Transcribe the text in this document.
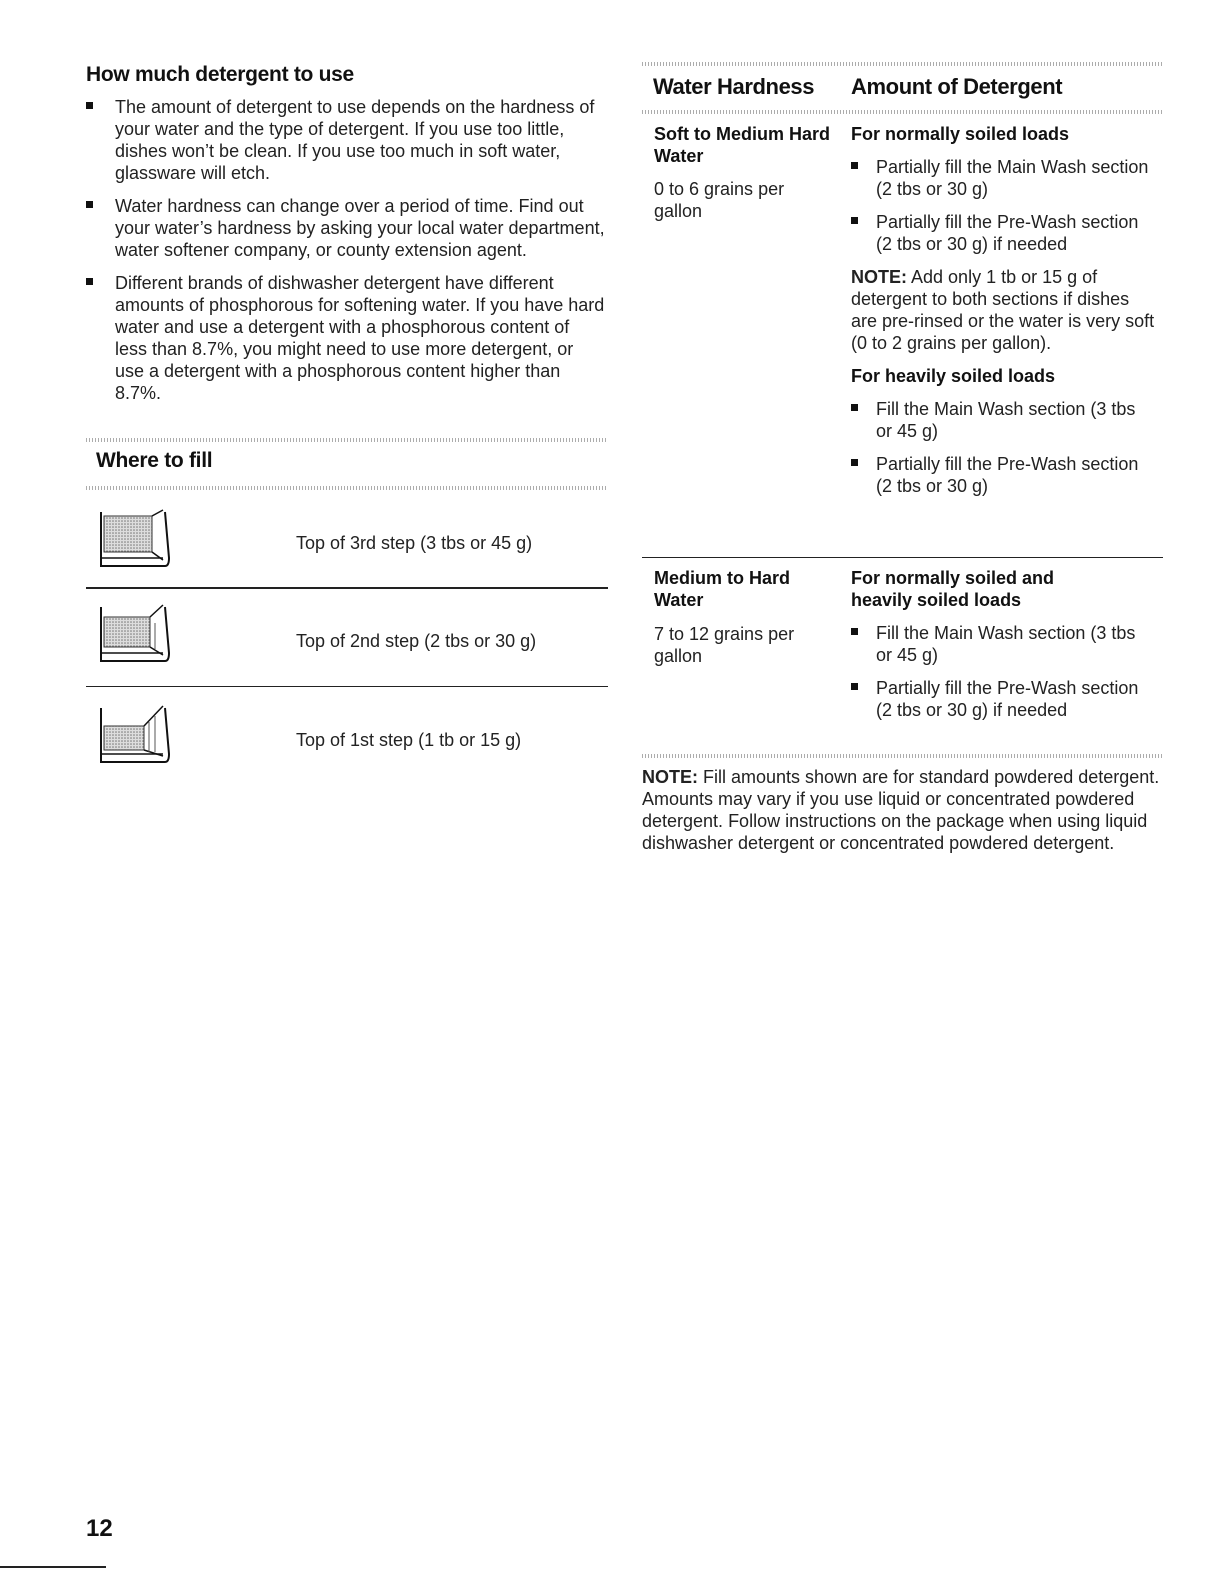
How much detergent to use
The amount of detergent to use depends on the hardness of your water and the type of detergent. If you use too little, dishes won’t be clean. If you use too much in soft water, glassware will etch.
Water hardness can change over a period of time. Find out your water’s hardness by asking your local water department, water softener company, or county extension agent.
Different brands of dishwasher detergent have different amounts of phosphorous for softening water. If you have hard water and use a detergent with a phosphorous content of less than 8.7%, you might need to use more detergent, or use a detergent with a phosphorous content higher than 8.7%.
Where to fill
Top of 3rd step (3 tbs or 45 g)
Top of 2nd step (2 tbs or 30 g)
Top of 1st step (1 tb or 15 g)
Water Hardness Amount of Detergent
Soft to Medium Hard Water
0 to 6 grains per gallon
For normally soiled loads
Partially fill the Main Wash section (2 tbs or 30 g)
Partially fill the Pre-Wash section (2 tbs or 30 g) if needed
NOTE: Add only 1 tb or 15 g of detergent to both sections if dishes are pre-rinsed or the water is very soft (0 to 2 grains per gallon).
For heavily soiled loads
Fill the Main Wash section (3 tbs or 45 g)
Partially fill the Pre-Wash section (2 tbs or 30 g)
Medium to Hard Water
7 to 12 grains per gallon
For normally soiled and heavily soiled loads
Fill the Main Wash section (3 tbs or 45 g)
Partially fill the Pre-Wash section (2 tbs or 30 g) if needed
NOTE: Fill amounts shown are for standard powdered detergent. Amounts may vary if you use liquid or concentrated powdered detergent. Follow instructions on the package when using liquid dishwasher detergent or concentrated powdered detergent.
12
